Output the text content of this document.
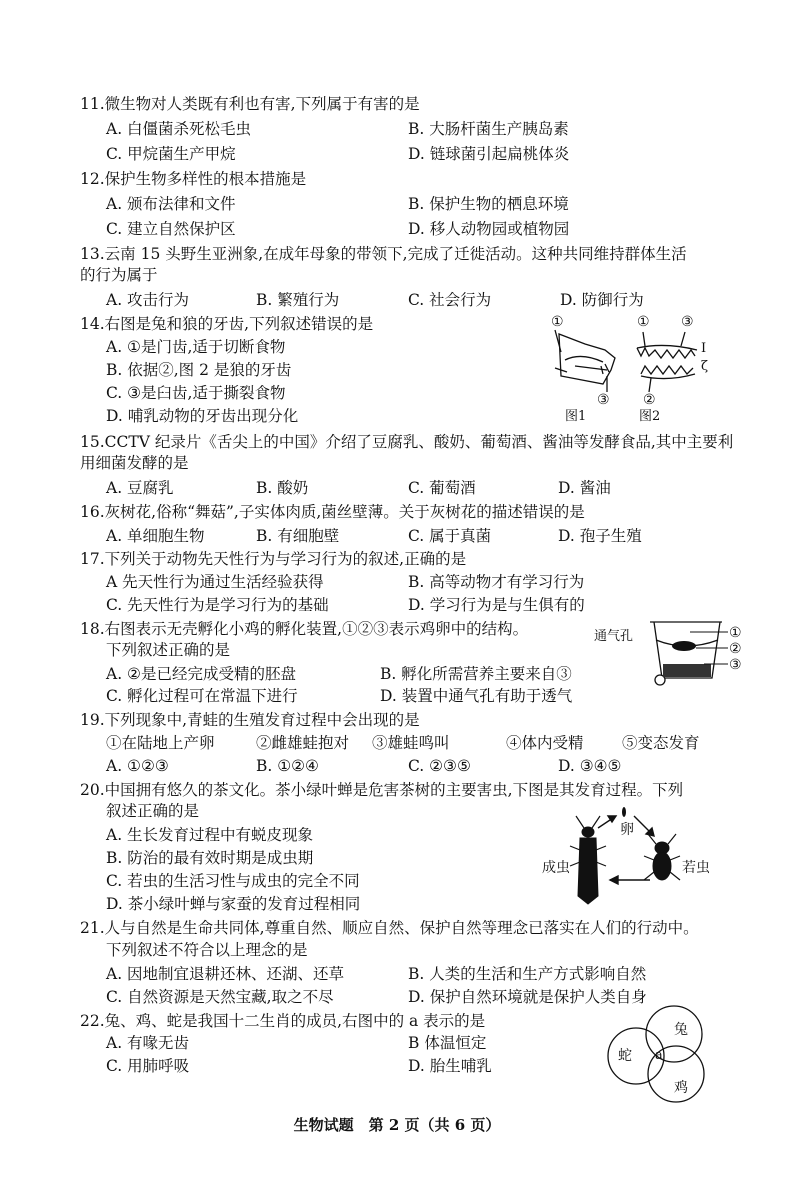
11.微生物对人类既有利也有害,下列属于有害的是
A. 白僵菌杀死松毛虫	B. 大肠杆菌生产胰岛素
C. 甲烷菌生产甲烷	D. 链球菌引起扁桃体炎
12.保护生物多样性的根本措施是
A. 颁布法律和文件	B. 保护生物的栖息环境
C. 建立自然保护区	D. 移人动物园或植物园
13.云南 15 头野生亚洲象,在成年母象的带领下,完成了迁徙活动。这种共同维持群体生活
的行为属于
A. 攻击行为	B. 繁殖行为	C. 社会行为	D. 防御行为
14.右图是兔和狼的牙齿,下列叙述错误的是
A. ①是门齿,适于切断食物
B. 依据②,图 2 是狼的牙齿
C. ③是臼齿,适于撕裂食物
D. 哺乳动物的牙齿出现分化
①	① ③
③
图1
Ⅰ
ζ
②
图2
15.CCTV 纪录片《舌尖上的中国》介绍了豆腐乳、酸奶、葡萄酒、酱油等发酵食品,其中主要利
用细菌发酵的是
A. 豆腐乳	B. 酸奶	C. 葡萄酒	D. 酱油
16.灰树花,俗称“舞菇”,子实体肉质,菌丝壁薄。关于灰树花的描述错误的是
A. 单细胞生物	B. 有细胞壁	C. 属于真菌	D. 孢子生殖
17.下列关于动物先天性行为与学习行为的叙述,正确的是
A 先天性行为通过生活经验获得	B. 高等动物才有学习行为
C. 先天性行为是学习行为的基础	D. 学习行为是与生俱有的
18.右图表示无壳孵化小鸡的孵化装置,①②③表示鸡卵中的结构。
下列叙述正确的是
A. ②是已经完成受精的胚盘	B. 孵化所需营养主要来自③
C. 孵化过程可在常温下进行	D. 装置中通气孔有助于透气
通气孔	①
②
③
19.下列现象中,青蛙的生殖发育过程中会出现的是
①在陆地上产卵	②雌雄蛙抱对 ③雄蛙鸣叫	④体内受精 ⑤变态发育
A. ①②③	B. ①②④	C. ②③⑤	D. ③④⑤
20.中国拥有悠久的茶文化。茶小绿叶蝉是危害茶树的主要害虫,下图是其发育过程。下列
叙述正确的是
A. 生长发育过程中有蜕皮现象
B. 防治的最有效时期是成虫期
C. 若虫的生活习性与成虫的完全不同
D. 茶小绿叶蝉与家蚕的发育过程相同
卵
成虫	若虫
21.人与自然是生命共同体,尊重自然、顺应自然、保护自然等理念已落实在人们的行动中。
下列叙述不符合以上理念的是
A. 因地制宜退耕还林、还湖、还草	B. 人类的生活和生产方式影响自然
C. 自然资源是天然宝藏,取之不尽	D. 保护自然环境就是保护人类自身
22.兔、鸡、蛇是我国十二生肖的成员,右图中的 a 表示的是
A. 有喙无齿	B 体温恒定
C. 用肺呼吸	D. 胎生哺乳
兔
蛇 a
鸡
生物试题　第 2 页（共 6 页）
